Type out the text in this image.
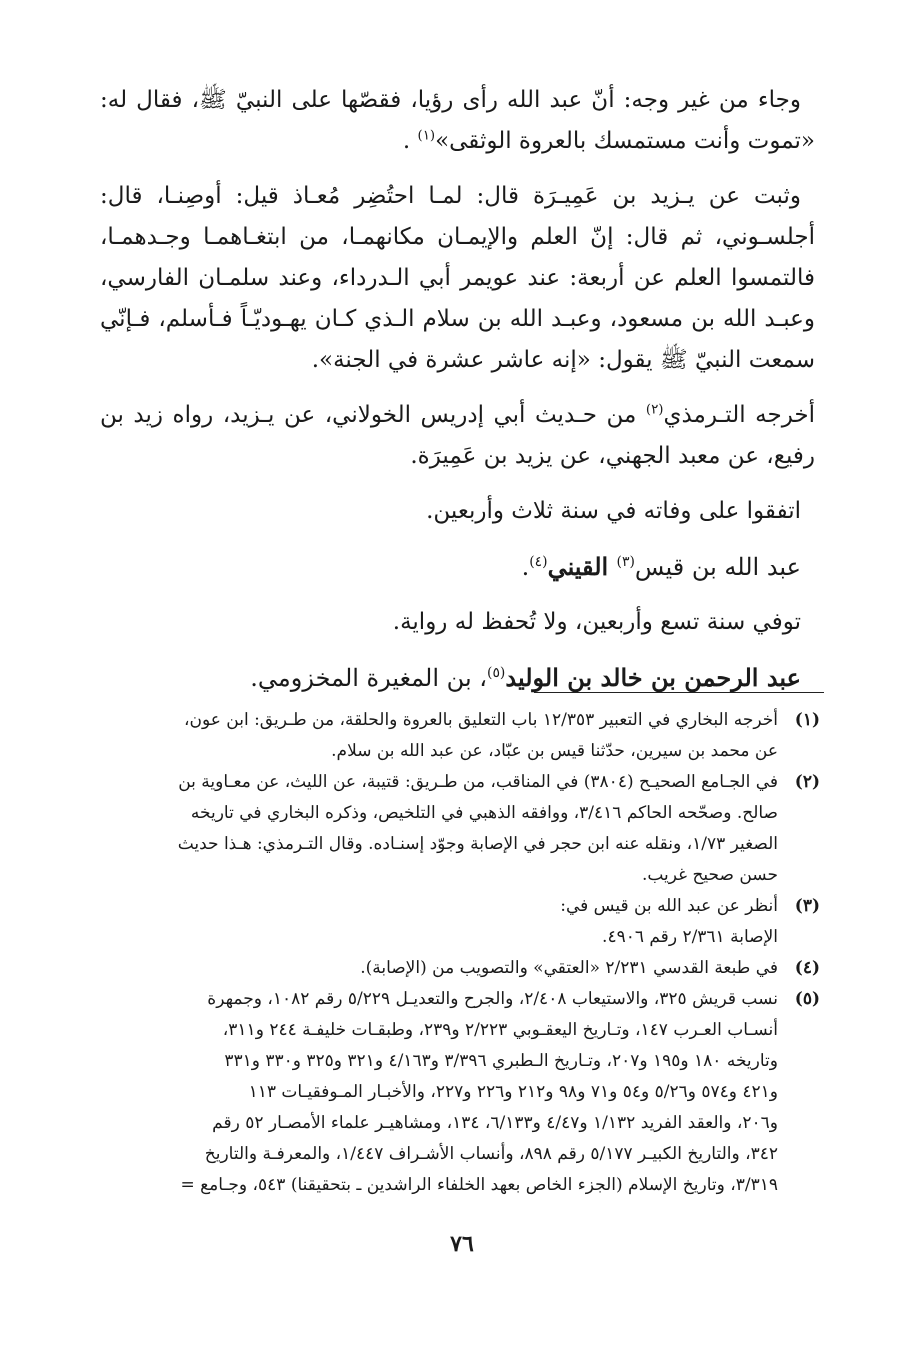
وجاء من غير وجه: أنّ عبد الله رأى رؤيا، فقصّها على النبيّ ﷺ، فقال له: «تموت وأنت مستمسك بالعروة الوثقى»$^{(١)}$ .

وثبت عن يـزيد بن عَمِيـرَة قال: لمـا احتُضِر مُعـاذ قيل: أوصِنـا، قال: أجلسـوني، ثم قال: إنّ العلم والإيمـان مكانهمـا، من ابتغـاهمـا وجـدهمـا، فالتمسوا العلم عن أربعة: عند عويمر أبي الـدرداء، وعند سلمـان الفارسي، وعبـد الله بن مسعود، وعبـد الله بن سلام الـذي كـان يهـوديّـاً فـأسلم، فـإنّي سمعت النبيّ ﷺ يقول: «إنه عاشر عشرة في الجنة».

أخرجه التـرمذي$^{(٢)}$ من حـديث أبي إدريس الخولاني، عن يـزيد، رواه زيد بن رفيع، عن معبد الجهني، عن يزيد بن عَمِيرَة.

اتفقوا على وفاته في سنة ثلاث وأربعين.

عبد الله بن قيس$^{(٣)}$ القيني$^{(٤)}$.

توفي سنة تسع وأربعين، ولا تُحفظ له رواية.

عبد الرحمن بن خالد بن الوليد$^{(٥)}$، بن المغيرة المخزومي.

(١)
أخرجه البخاري في التعبير ١٢/٣٥٣ باب التعليق بالعروة والحلقة، من طـريق: ابن عون،
عن محمد بن سيرين، حدّثنا قيس بن عبّاد، عن عبد الله بن سلام.
(٢)
في الجـامع الصحيـح (٣٨٠٤) في المناقب، من طـريق: قتيبة، عن الليث، عن معـاوية بن
صالح. وصحّحه الحاكم ٣/٤١٦، ووافقه الذهبي في التلخيص، وذكره البخاري في تاريخه
الصغير ١/٧٣، ونقله عنه ابن حجر في الإصابة وجوّد إسنـاده. وقال التـرمذي: هـذا حديث
حسن صحيح غريب.
(٣)
أنظر عن عبد الله بن قيس في:
الإصابة ٢/٣٦١ رقم ٤٩٠٦.
(٤)
في طبعة القدسي ٢/٢٣١ «العتقي» والتصويب من (الإصابة).
(٥)
نسب قريش ٣٢٥، والاستيعاب ٢/٤٠٨، والجرح والتعديـل ٥/٢٢٩ رقم ١٠٨٢، وجمهرة
أنسـاب العـرب ١٤٧، وتـاريخ اليعقـوبي ٢/٢٢٣ و٢٣٩، وطبقـات خليفـة ٢٤٤ و٣١١،
وتاريخه ١٨٠ و١٩٥ و٢٠٧، وتـاريخ الـطبري ٣/٣٩٦ و٤/١٦٣ و٣٢١ و٣٢٥ و٣٣٠ و٣٣١
و٤٢١ و٥٧٤ و٥/٢٦ و٥٤ و٧١ و٩٨ و٢١٢ و٢٢٦ و٢٢٧، والأخبـار المـوفقيـات ١١٣
و٢٠٦، والعقد الفريد ١/١٣٢ و٤/٤٧ و٦/١٣٣، ١٣٤، ومشاهيـر علماء الأمصـار ٥٢ رقم
٣٤٢، والتاريخ الكبيـر ٥/١٧٧ رقم ٨٩٨، وأنساب الأشـراف ١/٤٤٧، والمعرفـة والتاريخ
٣/٣١٩، وتاريخ الإسلام (الجزء الخاص بعهد الخلفاء الراشدين ـ بتحقيقنا) ٥٤٣، وجـامع =
٧٦
